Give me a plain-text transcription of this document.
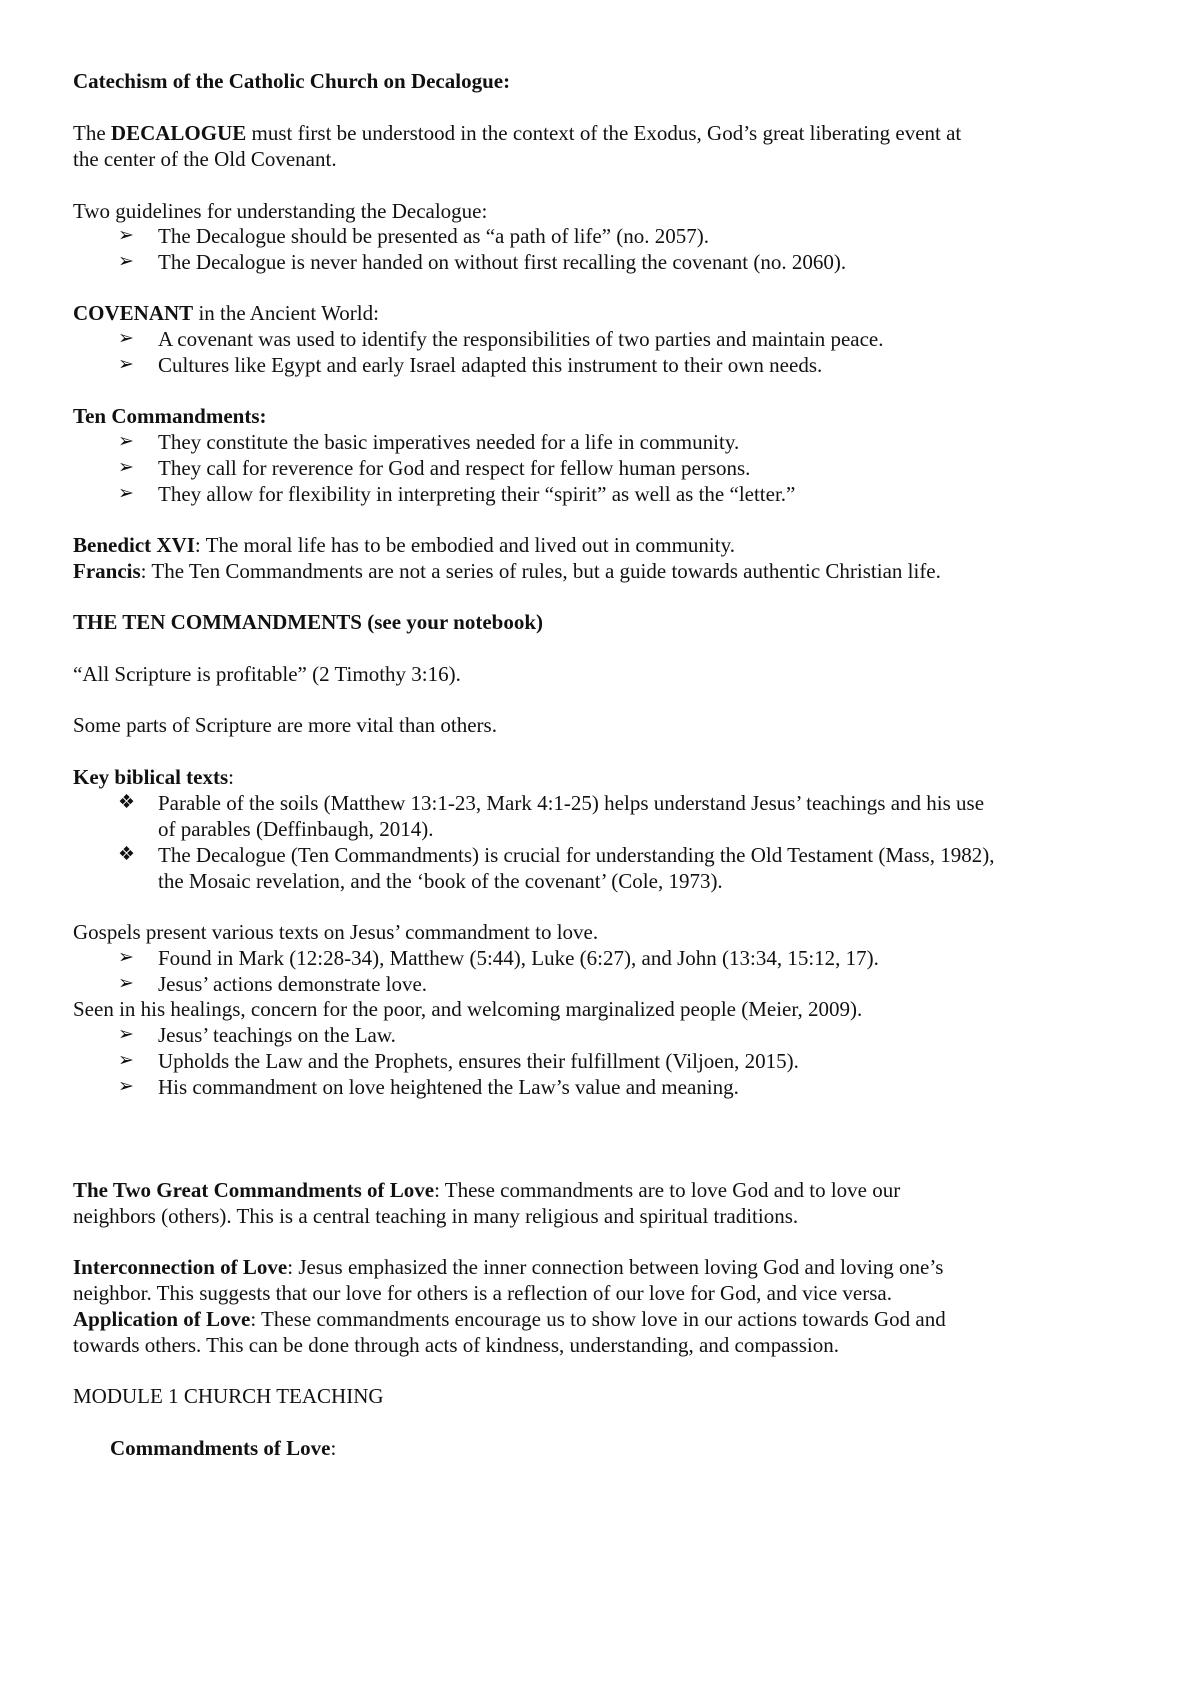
Catechism of the Catholic Church on Decalogue:
The DECALOGUE must first be understood in the context of the Exodus, God’s great liberating event at
the center of the Old Covenant.
Two guidelines for understanding the Decalogue:
➢ The Decalogue should be presented as “a path of life” (no. 2057).
➢ The Decalogue is never handed on without first recalling the covenant (no. 2060).
COVENANT in the Ancient World:
➢ A covenant was used to identify the responsibilities of two parties and maintain peace.
➢ Cultures like Egypt and early Israel adapted this instrument to their own needs.
Ten Commandments:
➢ They constitute the basic imperatives needed for a life in community.
➢ They call for reverence for God and respect for fellow human persons.
➢ They allow for flexibility in interpreting their “spirit” as well as the “letter.”
Benedict XVI: The moral life has to be embodied and lived out in community.
Francis: The Ten Commandments are not a series of rules, but a guide towards authentic Christian life.
THE TEN COMMANDMENTS (see your notebook)
“All Scripture is profitable” (2 Timothy 3:16).
Some parts of Scripture are more vital than others.
Key biblical texts:
❖ Parable of the soils (Matthew 13:1-23, Mark 4:1-25) helps understand Jesus’ teachings and his use
of parables (Deffinbaugh, 2014).
❖ The Decalogue (Ten Commandments) is crucial for understanding the Old Testament (Mass, 1982),
the Mosaic revelation, and the ‘book of the covenant’ (Cole, 1973).
Gospels present various texts on Jesus’ commandment to love.
➢ Found in Mark (12:28-34), Matthew (5:44), Luke (6:27), and John (13:34, 15:12, 17).
➢ Jesus’ actions demonstrate love.
Seen in his healings, concern for the poor, and welcoming marginalized people (Meier, 2009).
➢ Jesus’ teachings on the Law.
➢ Upholds the Law and the Prophets, ensures their fulfillment (Viljoen, 2015).
➢ His commandment on love heightened the Law’s value and meaning.
The Two Great Commandments of Love: These commandments are to love God and to love our
neighbors (others). This is a central teaching in many religious and spiritual traditions.
Interconnection of Love: Jesus emphasized the inner connection between loving God and loving one’s
neighbor. This suggests that our love for others is a reflection of our love for God, and vice versa.
Application of Love: These commandments encourage us to show love in our actions towards God and
towards others. This can be done through acts of kindness, understanding, and compassion.
MODULE 1 CHURCH TEACHING
Commandments of Love:
